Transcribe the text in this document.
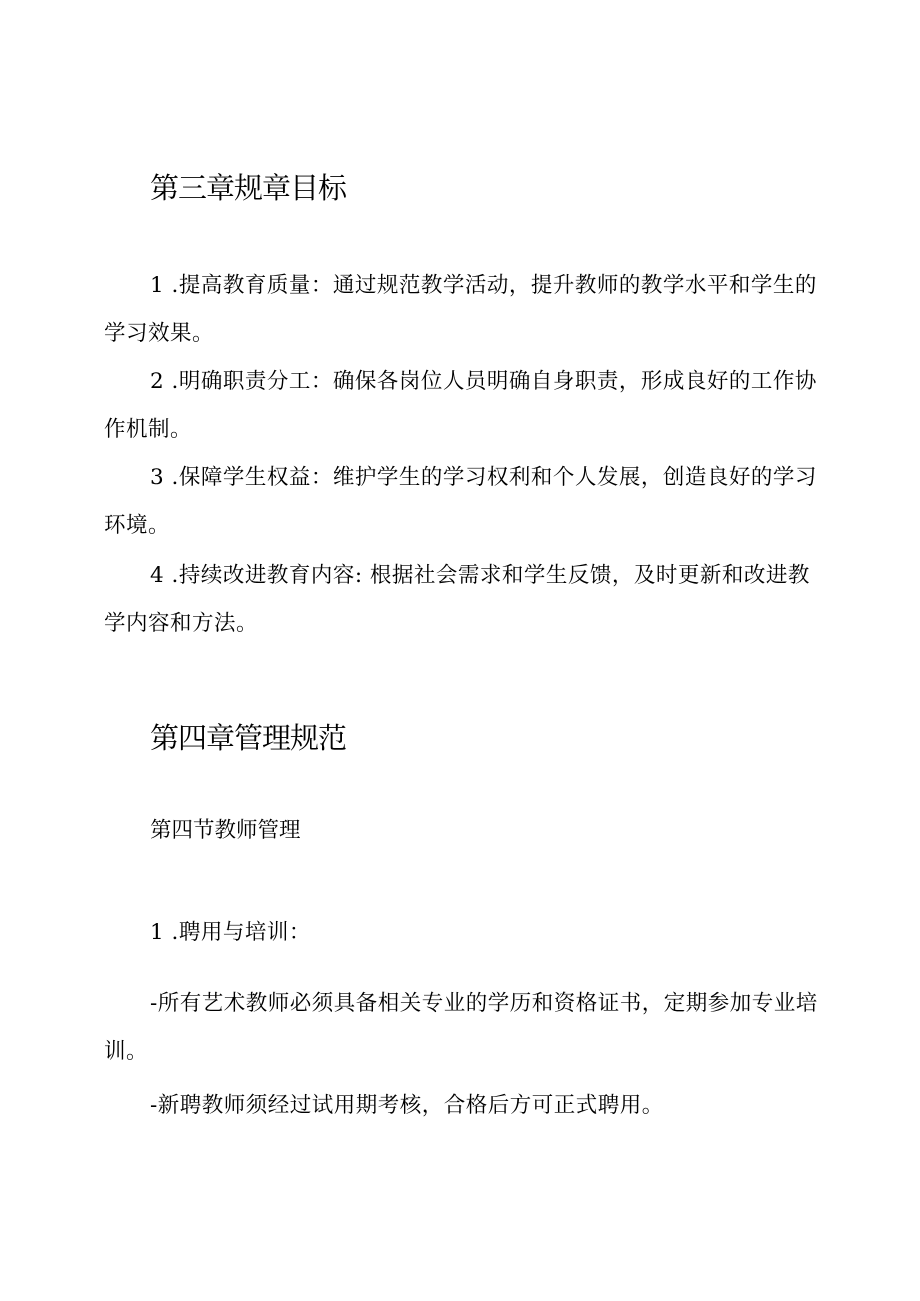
第三章规章目标

1 .提高教育质量：通过规范教学活动，提升教师的教学水平和学生的学习效果。

2 .明确职责分工：确保各岗位人员明确自身职责，形成良好的工作协作机制。

3 .保障学生权益：维护学生的学习权利和个人发展，创造良好的学习环境。

4 .持续改进教育内容: 根据社会需求和学生反馈，及时更新和改进教学内容和方法。

第四章管理规范

第四节教师管理

1 .聘用与培训：

-所有艺术教师必须具备相关专业的学历和资格证书，定期参加专业培训。

-新聘教师须经过试用期考核，合格后方可正式聘用。
